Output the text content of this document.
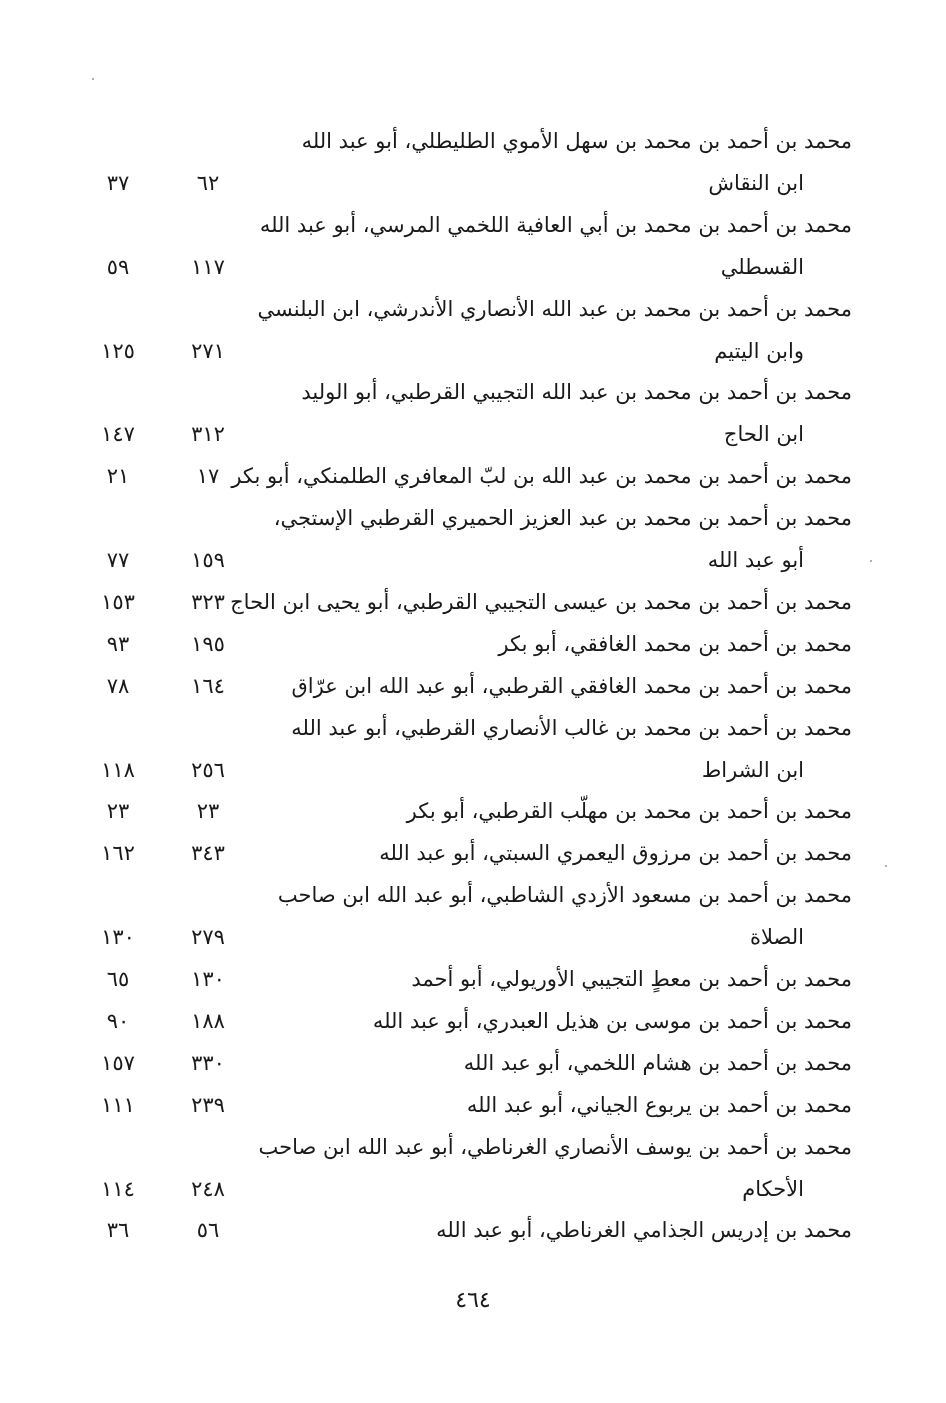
محمد بن أحمد بن محمد بن سهل الأموي الطليطلي، أبو عبد الله
ابن النقاش
٦٢
٣٧
محمد بن أحمد بن محمد بن أبي العافية اللخمي المرسي، أبو عبد الله
القسطلي
١١٧
٥٩
محمد بن أحمد بن محمد بن عبد الله الأنصاري الأندرشي، ابن البلنسي
وابن اليتيم
٢٧١
١٢٥
محمد بن أحمد بن محمد بن عبد الله التجيبي القرطبي، أبو الوليد
ابن الحاج
٣١٢
١٤٧
محمد بن أحمد بن محمد بن عبد الله بن لبّ المعافري الطلمنكي، أبو بكر
١٧
٢١
محمد بن أحمد بن محمد بن عبد العزيز الحميري القرطبي الإستجي،
أبو عبد الله
١٥٩
٧٧
محمد بن أحمد بن محمد بن عيسى التجيبي القرطبي، أبو يحيى ابن الحاج
٣٢٣
١٥٣
محمد بن أحمد بن محمد الغافقي، أبو بكر
١٩٥
٩٣
محمد بن أحمد بن محمد الغافقي القرطبي، أبو عبد الله ابن عرّاق
١٦٤
٧٨
محمد بن أحمد بن محمد بن غالب الأنصاري القرطبي، أبو عبد الله
ابن الشراط
٢٥٦
١١٨
محمد بن أحمد بن محمد بن مهلّب القرطبي، أبو بكر
٢٣
٢٣
محمد بن أحمد بن مرزوق اليعمري السبتي، أبو عبد الله
٣٤٣
١٦٢
محمد بن أحمد بن مسعود الأزدي الشاطبي، أبو عبد الله ابن صاحب
الصلاة
٢٧٩
١٣٠
محمد بن أحمد بن معطٍ التجيبي الأوريولي، أبو أحمد
١٣٠
٦٥
محمد بن أحمد بن موسى بن هذيل العبدري، أبو عبد الله
١٨٨
٩٠
محمد بن أحمد بن هشام اللخمي، أبو عبد الله
٣٣٠
١٥٧
محمد بن أحمد بن يربوع الجياني، أبو عبد الله
٢٣٩
١١١
محمد بن أحمد بن يوسف الأنصاري الغرناطي، أبو عبد الله ابن صاحب
الأحكام
٢٤٨
١١٤
محمد بن إدريس الجذامي الغرناطي، أبو عبد الله
٥٦
٣٦
٤٦٤
